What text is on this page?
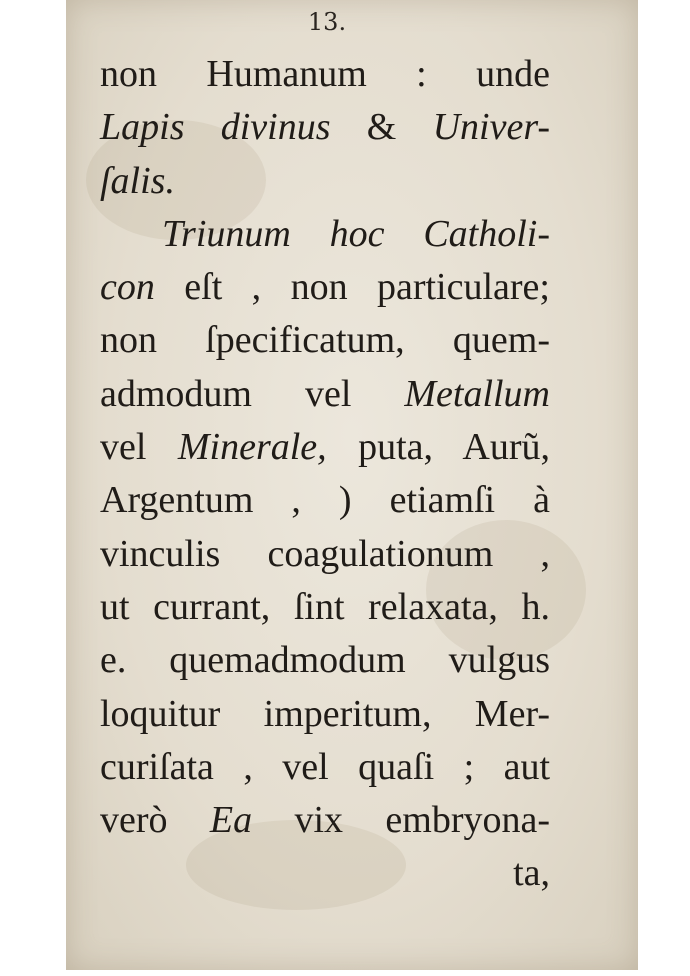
13.
non Humanum : unde
Lapis divinus & Univer-
ſalis.
Triunum hoc Catholi-
con eſt , non particulare;
non ſpecificatum, quem-
admodum vel Metallum
vel Minerale, puta, Aurũ,
Argentum , ) etiamſi à
vinculis coagulationum ,
ut currant, ſint relaxata, h.
e. quemadmodum vulgus
loquitur imperitum, Mer-
curiſata , vel quaſi ; aut
verò Ea vix embryona-
ta,
